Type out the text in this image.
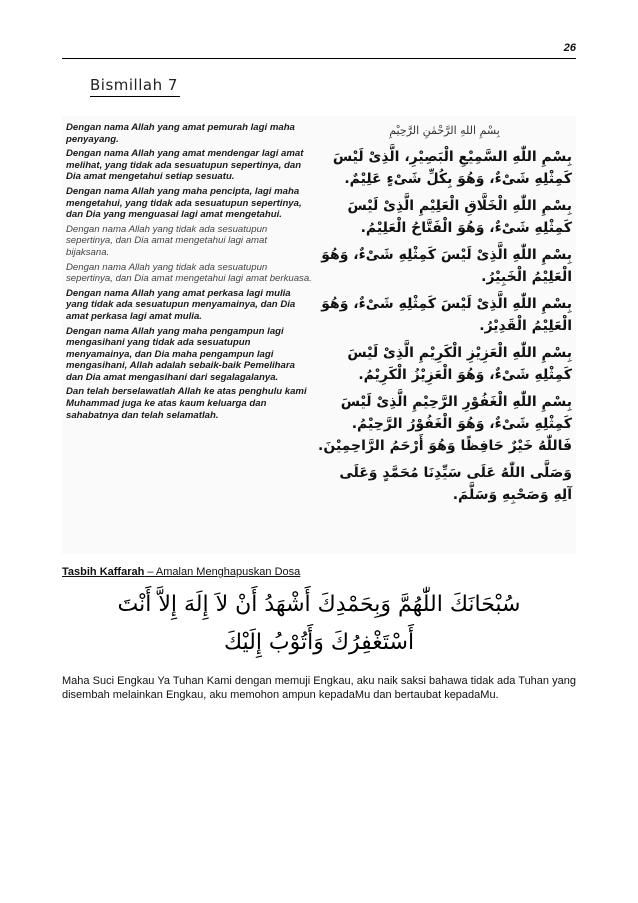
26
Bismillah 7

Dengan nama Allah yang amat pemurah lagi maha penyayang.

Dengan nama Allah yang amat mendengar lagi amat melihat, yang tidak ada sesuatupun sepertinya, dan Dia amat mengetahui setiap sesuatu.

Dengan nama Allah yang maha pencipta, lagi maha mengetahui, yang tidak ada sesuatupun sepertinya, dan Dia yang menguasai lagi amat mengetahui.

Dengan nama Allah yang tidak ada sesuatupun sepertinya, dan Dia amat mengetahui lagi amat bijaksana.

Dengan nama Allah yang tidak ada sesuatupun sepertinya, dan Dia amat mengetahui lagi amat berkuasa.

Dengan nama Allah yang amat perkasa lagi mulia yang tidak ada sesuatupun menyamainya, dan Dia amat perkasa lagi amat mulia.

Dengan nama Allah yang maha pengampun lagi mengasihani yang tidak ada sesuatupun menyamainya, dan Dia maha pengampun lagi mengasihani, Allah adalah sebaik-baik Pemelihara dan Dia amat mengasihani dari segalagalanya.

Dan telah berselawatlah Allah ke atas penghulu kami Muhammad juga ke atas kaum keluarga dan sahabatnya dan telah selamatlah.

بِسْمِ اللهِ الرَّحْمٰنِ الرَّحِيْمِ

بِسْمِ اللّٰهِ السَّمِيْعِ الْبَصِيْرِ، الَّذِىْ لَيْسَ كَمِثْلِهِ شَىْءٌ، وَهُوَ بِكُلِّ شَىْءٍ عَلِيْمٌ.

بِسْمِ اللّٰهِ الْخَلَّاقِ الْعَلِيْمِ الَّذِىْ لَيْسَ كَمِثْلِهِ شَىْءٌ، وَهُوَ الْفَتَّاحُ الْعَلِيْمُ.

بِسْمِ اللّٰهِ الَّذِىْ لَيْسَ كَمِثْلِهِ شَىْءٌ، وَهُوَ الْعَلِيْمُ الْخَبِيْرُ.

بِسْمِ اللّٰهِ الَّذِىْ لَيْسَ كَمِثْلِهِ شَىْءٌ، وَهُوَ الْعَلِيْمُ الْقَدِيْرُ.

بِسْمِ اللّٰهِ الْعَزِيْزِ الْكَرِيْمِ الَّذِىْ لَيْسَ كَمِثْلِهِ شَىْءٌ، وَهُوَ الْعَزِيْزُ الْكَرِيْمُ.

بِسْمِ اللّٰهِ الْغَفُوْرِ الرَّحِيْمِ الَّذِىْ لَيْسَ كَمِثْلِهِ شَىْءٌ، وَهُوَ الْغَفُوْرُ الرَّحِيْمُ. فَاللّٰهُ خَيْرٌ حَافِظًا وَهُوَ أَرْحَمُ الرَّاحِمِيْنَ.

وَصَلَّى اللّٰهُ عَلَى سَيِّدِنَا مُحَمَّدٍ وَعَلَى آلِهِ وَصَحْبِهِ وَسَلَّمَ.

Tasbih Kaffarah – Amalan Menghapuskan Dosa
سُبْحَانَكَ اللّٰهُمَّ وَبِحَمْدِكَ أَشْهَدُ أَنْ لاَ إِلَهَ إِلاَّ أَنْتَ
أَسْتَغْفِرُكَ وَأَتُوْبُ إِلَيْكَ
Maha Suci Engkau Ya Tuhan Kami dengan memuji Engkau, aku naik saksi bahawa tidak ada Tuhan yang disembah melainkan Engkau, aku memohon ampun kepadaMu dan bertaubat kepadaMu.
